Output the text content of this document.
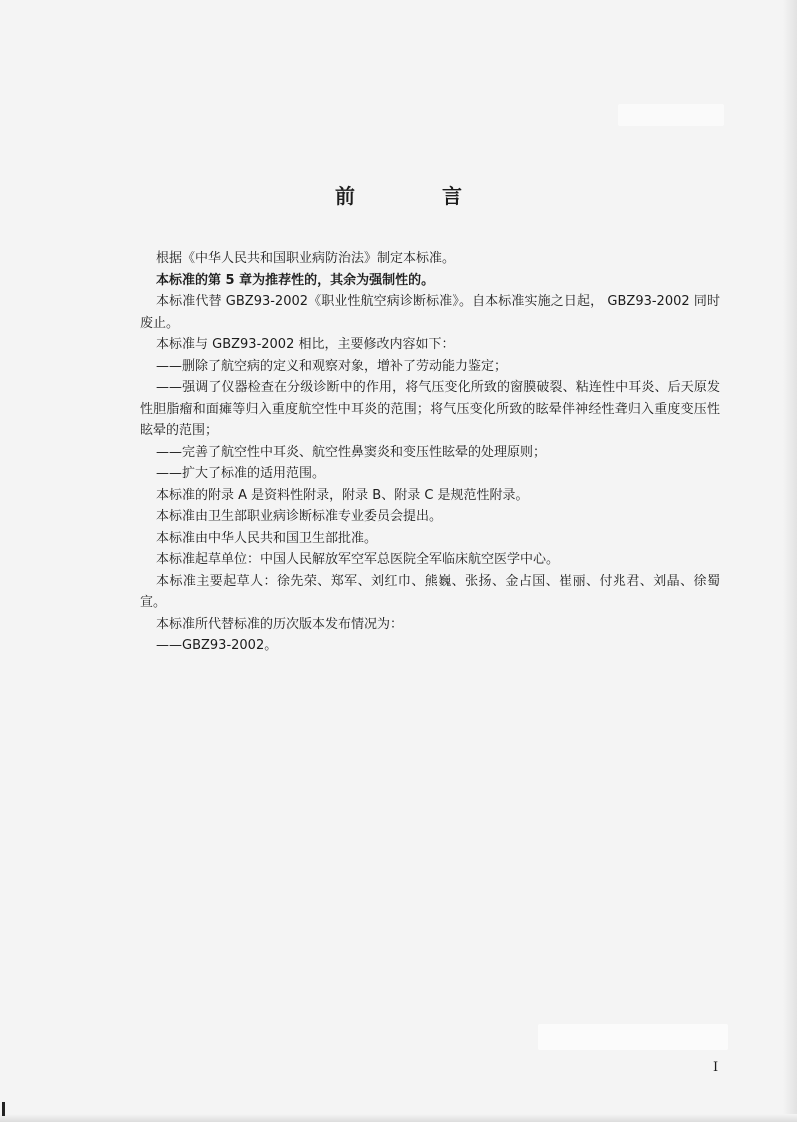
前 言

根据《中华人民共和国职业病防治法》制定本标准。

本标准的第 5 章为推荐性的，其余为强制性的。

本标准代替 GBZ93-2002《职业性航空病诊断标准》。自本标准实施之日起， GBZ93-2002 同时废止。

本标准与 GBZ93-2002 相比，主要修改内容如下：

——删除了航空病的定义和观察对象，增补了劳动能力鉴定；

——强调了仪器检查在分级诊断中的作用，将气压变化所致的窗膜破裂、粘连性中耳炎、后天原发性胆脂瘤和面瘫等归入重度航空性中耳炎的范围；将气压变化所致的眩晕伴神经性聋归入重度变压性眩晕的范围；

——完善了航空性中耳炎、航空性鼻窦炎和变压性眩晕的处理原则；

——扩大了标准的适用范围。

本标准的附录 A 是资料性附录，附录 B、附录 C 是规范性附录。

本标准由卫生部职业病诊断标准专业委员会提出。

本标准由中华人民共和国卫生部批准。

本标准起草单位：中国人民解放军空军总医院全军临床航空医学中心。

本标准主要起草人：徐先荣、郑军、刘红巾、熊巍、张扬、金占国、崔丽、付兆君、刘晶、徐蜀宣。

本标准所代替标准的历次版本发布情况为：

——GBZ93-2002。

I
